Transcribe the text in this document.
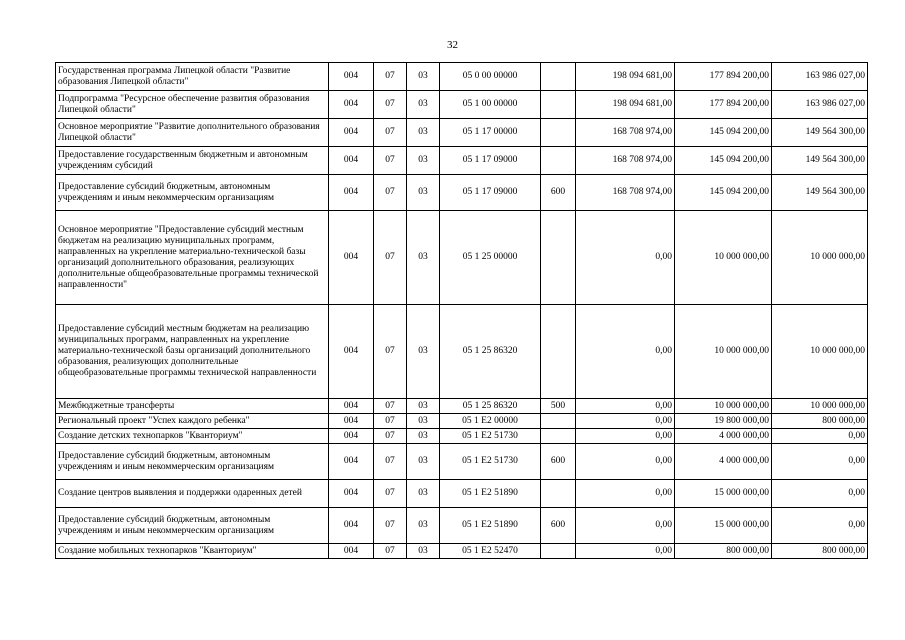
32
Государственная программа Липецкой области "Развитие образования Липецкой области"	004	07	03	05 0 00 00000		198 094 681,00	177 894 200,00	163 986 027,00
Подпрограмма "Ресурсное обеспечение развития образования Липецкой области"	004	07	03	05 1 00 00000		198 094 681,00	177 894 200,00	163 986 027,00
Основное мероприятие "Развитие дополнительного образования Липецкой области"	004	07	03	05 1 17 00000		168 708 974,00	145 094 200,00	149 564 300,00
Предоставление государственным бюджетным и автономным учреждениям субсидий	004	07	03	05 1 17 09000		168 708 974,00	145 094 200,00	149 564 300,00
Предоставление субсидий бюджетным, автономным учреждениям и иным некоммерческим организациям	004	07	03	05 1 17 09000	600	168 708 974,00	145 094 200,00	149 564 300,00
Основное мероприятие "Предоставление субсидий местным бюджетам на реализацию муниципальных программ, направленных на укрепление материально-технической базы организаций дополнительного образования, реализующих дополнительные общеобразовательные программы технической направленности"	004	07	03	05 1 25 00000		0,00	10 000 000,00	10 000 000,00
Предоставление субсидий местным бюджетам на реализацию муниципальных программ, направленных на укрепление материально-технической базы организаций дополнительного образования, реализующих дополнительные общеобразовательные программы технической направленности	004	07	03	05 1 25 86320		0,00	10 000 000,00	10 000 000,00
Межбюджетные трансферты	004	07	03	05 1 25 86320	500	0,00	10 000 000,00	10 000 000,00
Региональный проект "Успех каждого ребенка"	004	07	03	05 1 E2 00000		0,00	19 800 000,00	800 000,00
Создание детских технопарков "Кванториум"	004	07	03	05 1 E2 51730		0,00	4 000 000,00	0,00
Предоставление субсидий бюджетным, автономным учреждениям и иным некоммерческим организациям	004	07	03	05 1 E2 51730	600	0,00	4 000 000,00	0,00
Создание центров выявления и поддержки одаренных детей	004	07	03	05 1 E2 51890		0,00	15 000 000,00	0,00
Предоставление субсидий бюджетным, автономным учреждениям и иным некоммерческим организациям	004	07	03	05 1 E2 51890	600	0,00	15 000 000,00	0,00
Создание мобильных технопарков "Кванториум"	004	07	03	05 1 E2 52470		0,00	800 000,00	800 000,00
